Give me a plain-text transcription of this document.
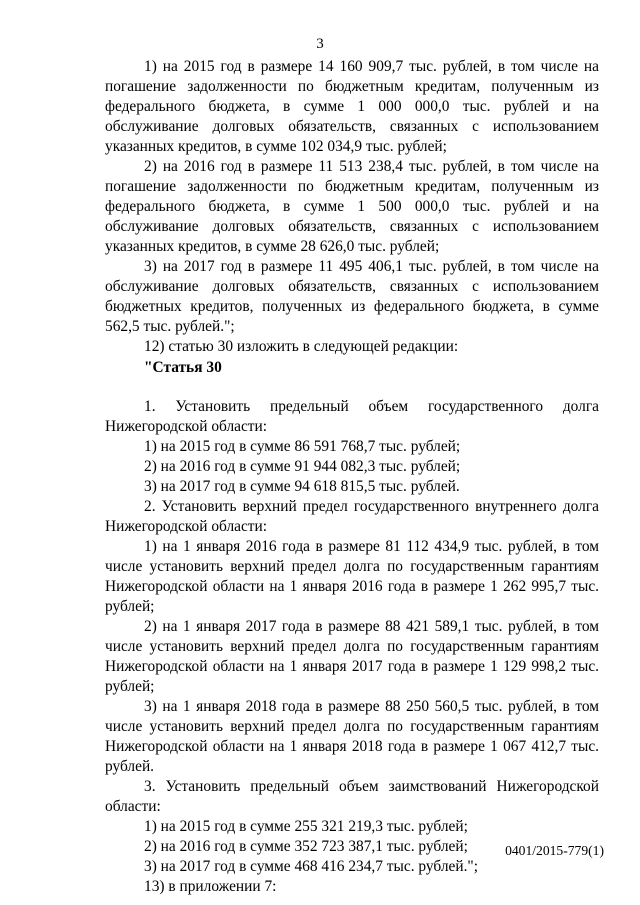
3

1) на 2015 год в размере 14 160 909,7 тыс. рублей, в том числе на погашение задолженности по бюджетным кредитам, полученным из федерального бюджета, в сумме 1 000 000,0 тыс. рублей и на обслуживание долговых обязательств, связанных с использованием указанных кредитов, в сумме 102 034,9 тыс. рублей;

2) на 2016 год в размере 11 513 238,4 тыс. рублей, в том числе на погашение задолженности по бюджетным кредитам, полученным из федерального бюджета, в сумме 1 500 000,0 тыс. рублей и на обслуживание долговых обязательств, связанных с использованием указанных кредитов, в сумме 28 626,0 тыс. рублей;

3) на 2017 год в размере 11 495 406,1 тыс. рублей, в том числе на обслуживание долговых обязательств, связанных с использованием бюджетных кредитов, полученных из федерального бюджета, в сумме 562,5 тыс. рублей.";

12) статью 30 изложить в следующей редакции:

"Статья 30

1. Установить предельный объем государственного долга Нижегородской области:

1) на 2015 год в сумме 86 591 768,7 тыс. рублей;

2) на 2016 год в сумме 91 944 082,3 тыс. рублей;

3) на 2017 год в сумме 94 618 815,5 тыс. рублей.

2. Установить верхний предел государственного внутреннего долга Нижегородской области:

1) на 1 января 2016 года в размере 81 112 434,9 тыс. рублей, в том числе установить верхний предел долга по государственным гарантиям Нижегородской области на 1 января 2016 года в размере 1 262 995,7 тыс. рублей;

2) на 1 января 2017 года в размере 88 421 589,1 тыс. рублей, в том числе установить верхний предел долга по государственным гарантиям Нижегородской области на 1 января 2017 года в размере 1 129 998,2 тыс. рублей;

3) на 1 января 2018 года в размере 88 250 560,5 тыс. рублей, в том числе установить верхний предел долга по государственным гарантиям Нижегородской области на 1 января 2018 года в размере 1 067 412,7 тыс. рублей.

3. Установить предельный объем заимствований Нижегородской области:

1) на 2015 год в сумме 255 321 219,3 тыс. рублей;

2) на 2016 год в сумме 352 723 387,1 тыс. рублей;

3) на 2017 год в сумме 468 416 234,7 тыс. рублей.";

13) в приложении 7:

0401/2015-779(1)
